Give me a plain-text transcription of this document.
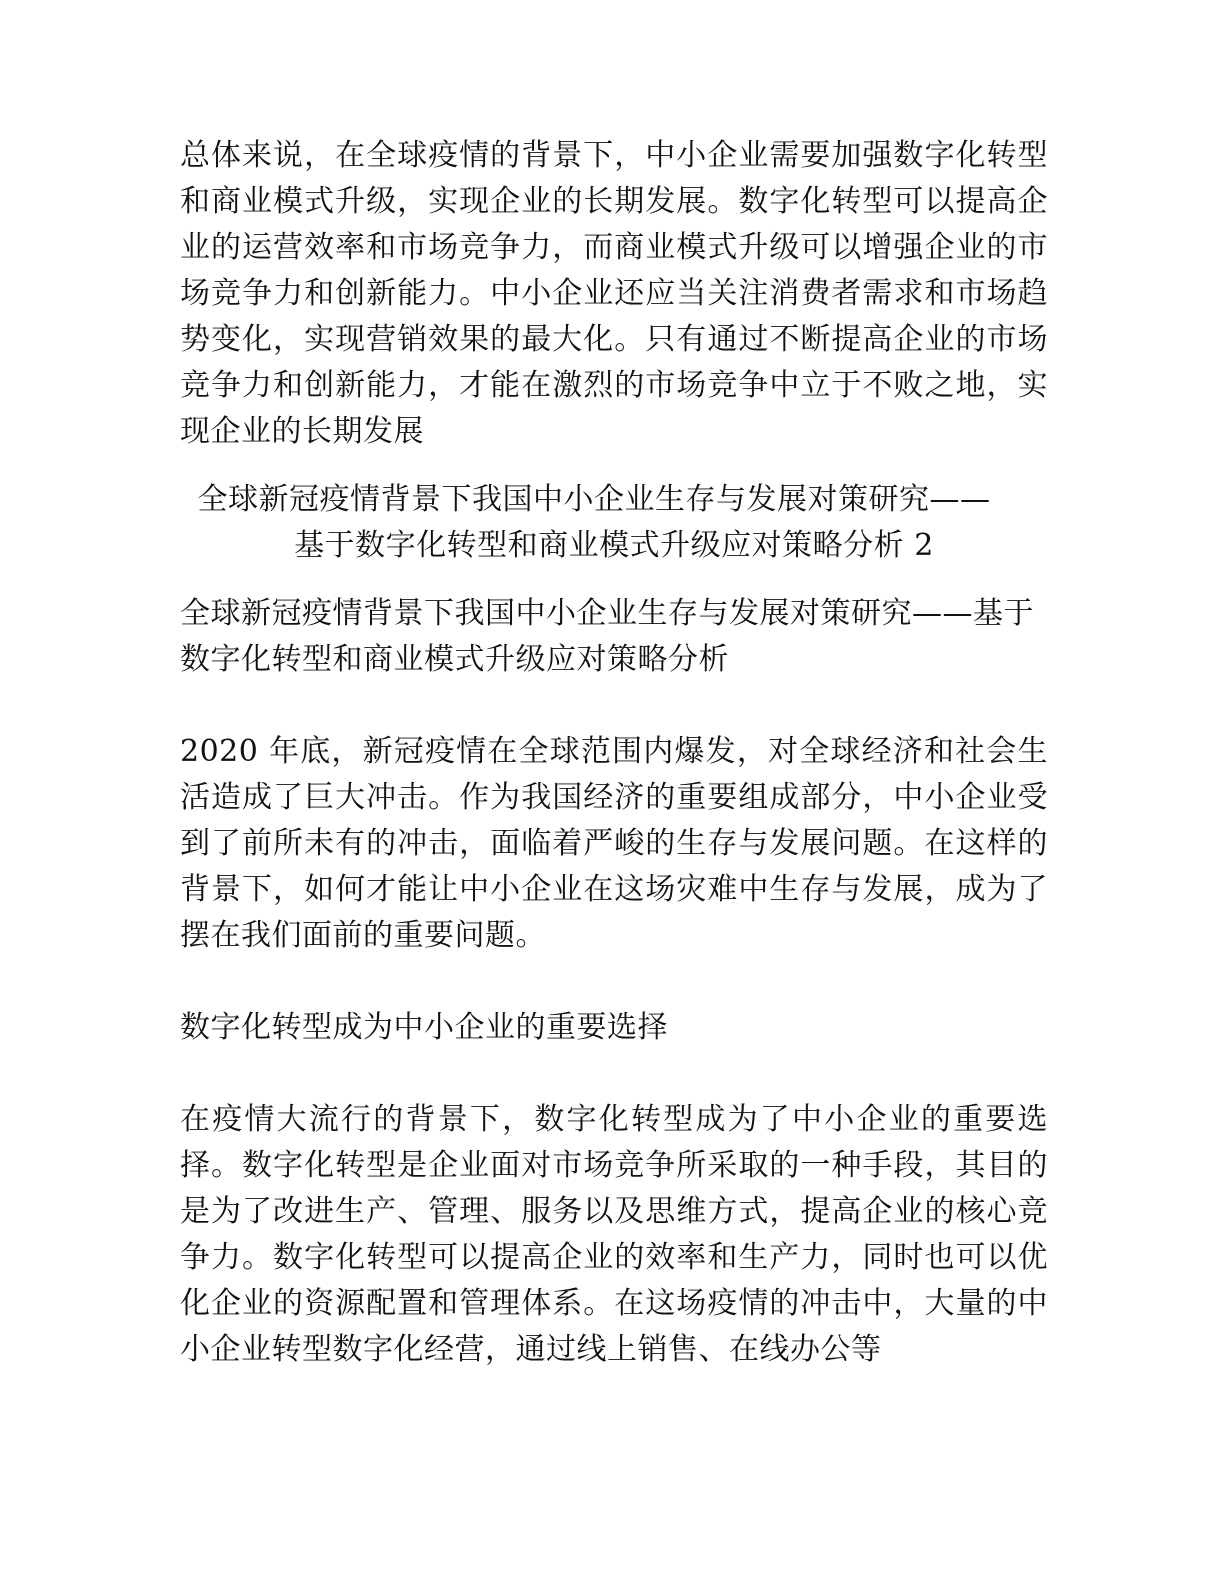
总体来说，在全球疫情的背景下，中小企业需要加强数字化转型和商业模式升级，实现企业的长期发展。数字化转型可以提高企业的运营效率和市场竞争力，而商业模式升级可以增强企业的市场竞争力和创新能力。中小企业还应当关注消费者需求和市场趋势变化，实现营销效果的最大化。只有通过不断提高企业的市场竞争力和创新能力，才能在激烈的市场竞争中立于不败之地，实现企业的长期发展

全球新冠疫情背景下我国中小企业生存与发展对策研究——

基于数字化转型和商业模式升级应对策略分析 2

全球新冠疫情背景下我国中小企业生存与发展对策研究——基于数字化转型和商业模式升级应对策略分析

2020 年底，新冠疫情在全球范围内爆发，对全球经济和社会生活造成了巨大冲击。作为我国经济的重要组成部分，中小企业受到了前所未有的冲击，面临着严峻的生存与发展问题。在这样的背景下，如何才能让中小企业在这场灾难中生存与发展，成为了摆在我们面前的重要问题。

数字化转型成为中小企业的重要选择

在疫情大流行的背景下，数字化转型成为了中小企业的重要选择。数字化转型是企业面对市场竞争所采取的一种手段，其目的是为了改进生产、管理、服务以及思维方式，提高企业的核心竞争力。数字化转型可以提高企业的效率和生产力，同时也可以优化企业的资源配置和管理体系。在这场疫情的冲击中，大量的中小企业转型数字化经营，通过线上销售、在线办公等
